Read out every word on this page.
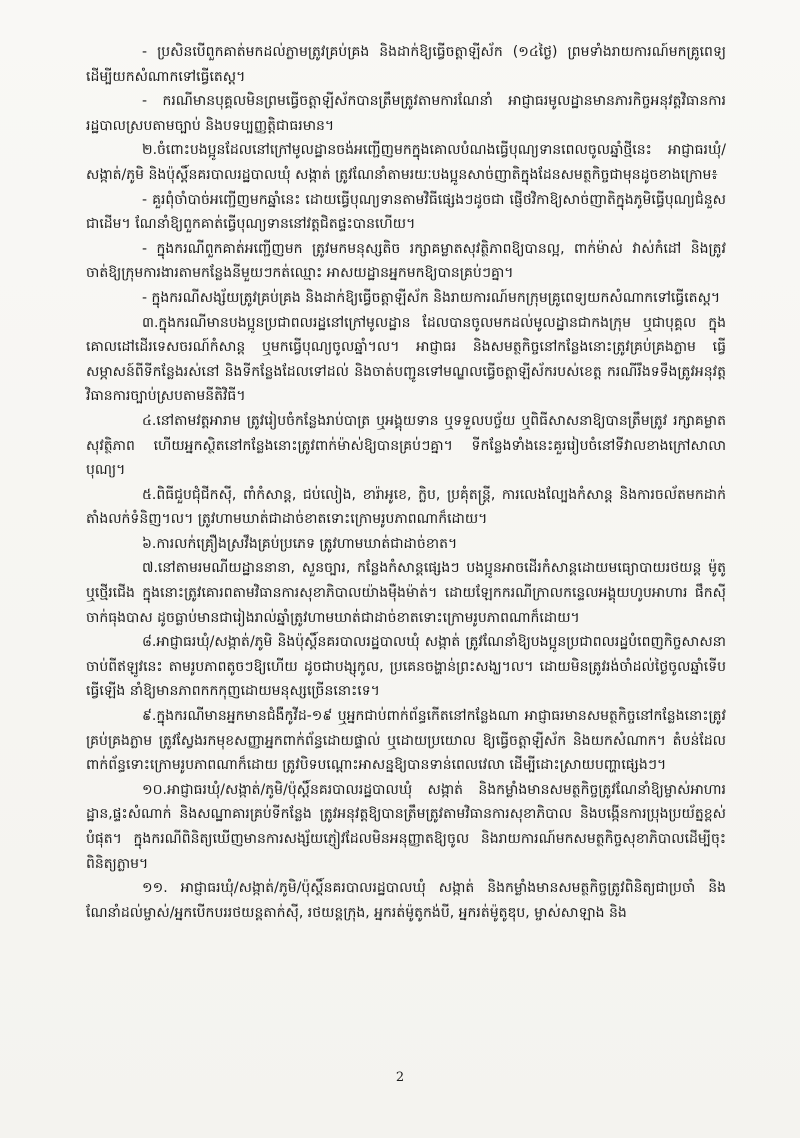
- ប្រសិនបើពួកគាត់មកដល់ភ្លាមត្រូវគ្រប់គ្រង និងដាក់ឱ្យធ្វើចត្តាឡីស័ក (១៤ថ្ងៃ) ព្រមទាំងរាយការណ៍មកគ្រូពេទ្យ ដើម្បីយកសំណាកទៅធ្វើតេស្ត។

- ករណីមានបុគ្គលមិនព្រមធ្វើចត្តាឡីស័កបានត្រឹមត្រូវតាមការណែនាំ អាជ្ញាធរមូលដ្ឋានមានភារកិច្ចអនុវត្តវិធានការរដ្ឋបាលស្របតាមច្បាប់ និងបទប្បញ្ញត្តិជាធរមាន។

២.ចំពោះបងប្អូនដែលនៅក្រៅមូលដ្ឋានចង់អញ្ជើញមកក្នុងគោលបំណងធ្វើបុណ្យទានពេលចូលឆ្នាំថ្មីនេះ អាជ្ញាធរឃុំ/សង្កាត់/ភូមិ និងប៉ុស្តិ៍នគរបាលរដ្ឋបាលឃុំ សង្កាត់ ត្រូវណែនាំតាមរយៈបងប្អូនសាច់ញាតិក្នុងដែនសមត្ថកិច្ចជាមុនដូចខាងក្រោម៖

- គួរពុំចាំបាច់អញ្ជើញមកឆ្នាំនេះ ដោយធ្វើបុណ្យទានតាមវិធីផ្សេងៗដូចជា ផ្ញើថវិកាឱ្យសាច់ញាតិក្នុងភូមិធ្វើបុណ្យជំនួសជាដើម។ ណែនាំឱ្យពួកគាត់ធ្វើបុណ្យទាននៅវត្តជិតផ្ទះបានហើយ។

- ក្នុងករណីពួកគាត់អញ្ជើញមក ត្រូវមកមនុស្សតិច រក្សាគម្លាតសុវត្ថិភាពឱ្យបានល្អ, ពាក់ម៉ាស់ វាស់កំដៅ និងត្រូវចាត់ឱ្យក្រុមការងារតាមកន្លែងនីមួយៗកត់ឈ្មោះ អាសយដ្ឋានអ្នកមកឱ្យបានគ្រប់ៗគ្នា។

- ក្នុងករណីសង្ស័យត្រូវគ្រប់គ្រង និងដាក់ឱ្យធ្វើចត្តាឡីស័ក និងរាយការណ៍មកក្រុមគ្រូពេទ្យយកសំណាកទៅធ្វើតេស្ត។

៣.ក្នុងករណីមានបងប្អូនប្រជាពលរដ្ឋនៅក្រៅមូលដ្ឋាន ដែលបានចូលមកដល់មូលដ្ឋានជាកងក្រុម ឬជាបុគ្គល ក្នុងគោលដៅដើរទេសចរណ៍កំសាន្ត ឬមកធ្វើបុណ្យចូលឆ្នាំ។ល។ អាជ្ញាធរ និងសមត្ថកិច្ចនៅកន្លែងនោះត្រូវគ្រប់គ្រងភ្លាម ធ្វើសម្ភាសន៍ពីទីកន្លែងរស់នៅ និងទីកន្លែងដែលទៅដល់ និងចាត់បញ្ជូនទៅមណ្ឌលធ្វើចត្តាឡីស័ករបស់ខេត្ត ករណីរឹងទទឹងត្រូវអនុវត្តវិធានការច្បាប់ស្របតាមនីតិវិធី។

៤.នៅតាមវត្តអារាម ត្រូវរៀបចំកន្លែងរាប់បាត្រ ឬអង្គុយទាន ឬទទួលបច្ច័យ ឬពិធីសាសនាឱ្យបានត្រឹមត្រូវ រក្សាគម្លាតសុវត្ថិភាព ហើយអ្នកស្ថិតនៅកន្លែងនោះត្រូវពាក់ម៉ាស់ឱ្យបានគ្រប់ៗគ្នា។ ទីកន្លែងទាំងនេះគួររៀបចំនៅទីវាលខាងក្រៅសាលាបុណ្យ។

៥.ពិធីជួបជុំជីកស៊ី, ពាំកំសាន្ត, ជប់លៀង, ខារ៉ាអូខេ, ក្លិប, ប្រគុំតន្ត្រី, ការលេងល្បែងកំសាន្ត និងការចល័តមកដាក់តាំងលក់ទំនិញ។ល។ ត្រូវហាមឃាត់ជាដាច់ខាតទោះក្រោមរូបភាពណាក៏ដោយ។

៦.ការលក់គ្រឿងស្រវឹងគ្រប់ប្រភេទ ត្រូវហាមឃាត់ជាដាច់ខាត។

៧.នៅតាមរមណីយដ្ឋាននានា, សួនច្បារ, កន្លែងកំសាន្តផ្សេងៗ បងប្អូនអាចដើរកំសាន្តដោយមធ្យោបាយរថយន្ត ម៉ូតូ ឬថ្មើរជើង ក្នុងនោះត្រូវគោរពតាមវិធានការសុខាភិបាលយ៉ាងម៉ឺងម៉ាត់។ ដោយឡែកករណីក្រាលកន្ទេលអង្គុយហូបអាហារ ផឹកស៊ី ចាក់ធុងបាស ដូចធ្លាប់មានជារៀងរាល់ឆ្នាំត្រូវហាមឃាត់ជាដាច់ខាតទោះក្រោមរូបភាពណាក៏ដោយ។

៨.អាជ្ញាធរឃុំ/សង្កាត់/ភូមិ និងប៉ុស្តិ៍នគរបាលរដ្ឋបាលឃុំ សង្កាត់ ត្រូវណែនាំឱ្យបងប្អូនប្រជាពលរដ្ឋបំពេញកិច្ចសាសនាចាប់ពីឥឡូវនេះ តាមរូបភាពតូចៗឱ្យហើយ ដូចជាបង្សុកូល, ប្រគេនចង្ហាន់ព្រះសង្ឃ។ល។ ដោយមិនត្រូវរង់ចាំដល់ថ្ងៃចូលឆ្នាំទើបធ្វើឡើង នាំឱ្យមានភាពកកកុញដោយមនុស្សច្រើននោះទេ។

៩.ក្នុងករណីមានអ្នកមានជំងឺកូវីដ-១៩ ឬអ្នកជាប់ពាក់ព័ន្ធកើតនៅកន្លែងណា អាជ្ញាធរមានសមត្ថកិច្ចនៅកន្លែងនោះត្រូវគ្រប់គ្រងភ្លាម ត្រូវស្វែងរកមុខសញ្ញាអ្នកពាក់ព័ន្ធដោយផ្ទាល់ ឬដោយប្រយោល ឱ្យធ្វើចត្តាឡីស័ក និងយកសំណាក។ តំបន់ដែលពាក់ព័ន្ធទោះក្រោមរូបភាពណាក៏ដោយ ត្រូវបិទបណ្តោះអាសន្នឱ្យបានទាន់ពេលវេលា ដើម្បីដោះស្រាយបញ្ហាផ្សេងៗ។

១០.អាជ្ញាធរឃុំ/សង្កាត់/ភូមិ/ប៉ុស្តិ៍នគរបាលរដ្ឋបាលឃុំ សង្កាត់ និងកម្លាំងមានសមត្ថកិច្ចត្រូវណែនាំឱ្យម្ចាស់អាហារដ្ឋាន,ផ្ទះសំណាក់ និងសណ្ឋាគារគ្រប់ទីកន្លែង ត្រូវអនុវត្តឱ្យបានត្រឹមត្រូវតាមវិធានការសុខាភិបាល និងបង្កើនការប្រុងប្រយ័ត្នខ្ពស់បំផុត។ ក្នុងករណីពិនិត្យឃើញមានការសង្ស័យភ្ញៀវដែលមិនអនុញ្ញាតឱ្យចូល និងរាយការណ៍មកសមត្ថកិច្ចសុខាភិបាលដើម្បីចុះពិនិត្យភ្លាម។

១១. អាជ្ញាធរឃុំ/សង្កាត់/ភូមិ/ប៉ុស្តិ៍នគរបាលរដ្ឋបាលឃុំ សង្កាត់ និងកម្លាំងមានសមត្ថកិច្ចត្រូវពិនិត្យជាប្រចាំ និងណែនាំដល់ម្ចាស់/អ្នកបើកបររថយន្តតាក់ស៊ី, រថយន្តក្រុង, អ្នករត់ម៉ូតូកង់បី, អ្នករត់ម៉ូតូឌុប, ម្ចាស់សាឡាង និង

2
